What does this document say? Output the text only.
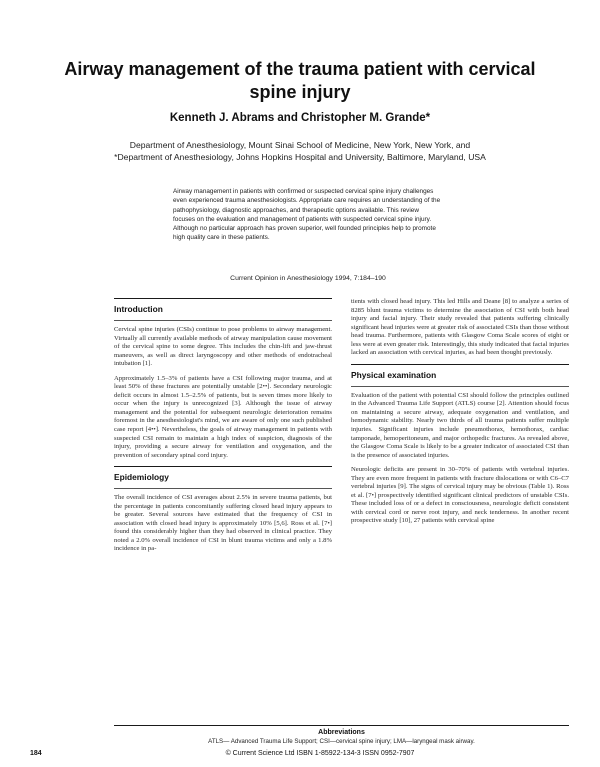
Airway management of the trauma patient with cervical spine injury
Kenneth J. Abrams and Christopher M. Grande*
Department of Anesthesiology, Mount Sinai School of Medicine, New York, New York, and
*Department of Anesthesiology, Johns Hopkins Hospital and University, Baltimore, Maryland, USA

Airway management in patients with confirmed or suspected cervical spine injury challenges even experienced trauma anesthesiologists. Appropriate care requires an understanding of the pathophysiology, diagnostic approaches, and therapeutic options available. This review focuses on the evaluation and management of patients with suspected cervical spine injury. Although no particular approach has proven superior, well founded principles help to promote high quality care in these patients.

Current Opinion in Anesthesiology 1994, 7:184–190
Introduction

Cervical spine injuries (CSIs) continue to pose problems to airway management. Virtually all currently available methods of airway manipulation cause movement of the cervical spine to some degree. This includes the chin-lift and jaw-thrust maneuvers, as well as direct laryngoscopy and other methods of endotracheal intubation [1].

Approximately 1.5–3% of patients have a CSI following major trauma, and at least 50% of these fractures are potentially unstable [2••]. Secondary neurologic deficit occurs in almost 1.5–2.5% of patients, but is seven times more likely to occur when the injury is unrecognized [3]. Although the issue of airway management and the potential for subsequent neurologic deterioration remains foremost in the anesthesiologist's mind, we are aware of only one such published case report [4••]. Nevertheless, the goals of airway management in patients with suspected CSI remain to maintain a high index of suspicion, diagnosis of the injury, providing a secure airway for ventilation and oxygenation, and the prevention of secondary spinal cord injury.

Epidemiology

The overall incidence of CSI averages about 2.5% in severe trauma patients, but the percentage in patients concomitantly suffering closed head injury appears to be greater. Several sources have estimated that the frequency of CSI in association with closed head injury is approximately 10% [5,6]. Ross et al. [7•] found this considerably higher than they had observed in clinical practice. They noted a 2.0% overall incidence of CSI in blunt trauma victims and only a 1.8% incidence in pa-

tients with closed head injury. This led Hills and Deane [8] to analyze a series of 8285 blunt trauma victims to determine the association of CSI with both head injury and facial injury. Their study revealed that patients suffering clinically significant head injuries were at greater risk of associated CSIs than those without head trauma. Furthermore, patients with Glasgow Coma Scale scores of eight or less were at even greater risk. Interestingly, this study indicated that facial injuries lacked an association with cervical injuries, as had been thought previously.

Physical examination

Evaluation of the patient with potential CSI should follow the principles outlined in the Advanced Trauma Life Support (ATLS) course [2]. Attention should focus on maintaining a secure airway, adequate oxygenation and ventilation, and hemodynamic stability. Nearly two thirds of all trauma patients suffer multiple injuries. Significant injuries include pneumothorax, hemothorax, cardiac tamponade, hemoperitoneum, and major orthopedic fractures. As revealed above, the Glasgow Coma Scale is likely to be a greater indicator of associated CSI than is the presence of associated injuries.

Neurologic deficits are present in 30–70% of patients with vertebral injuries. They are even more frequent in patients with fracture dislocations or with C6–C7 vertebral injuries [9]. The signs of cervical injury may be obvious (Table 1). Ross et al. [7•] prospectively identified significant clinical predictors of unstable CSIs. These included loss of or a defect in consciousness, neurologic deficit consistent with cervical cord or nerve root injury, and neck tenderness. In another recent prospective study [10], 27 patients with cervical spine

Abbreviations
ATLS— Advanced Trauma Life Support; CSI—cervical spine injury; LMA—laryngeal mask airway.
184	© Current Science Ltd ISBN 1-85922-134-3 ISSN 0952-7907
